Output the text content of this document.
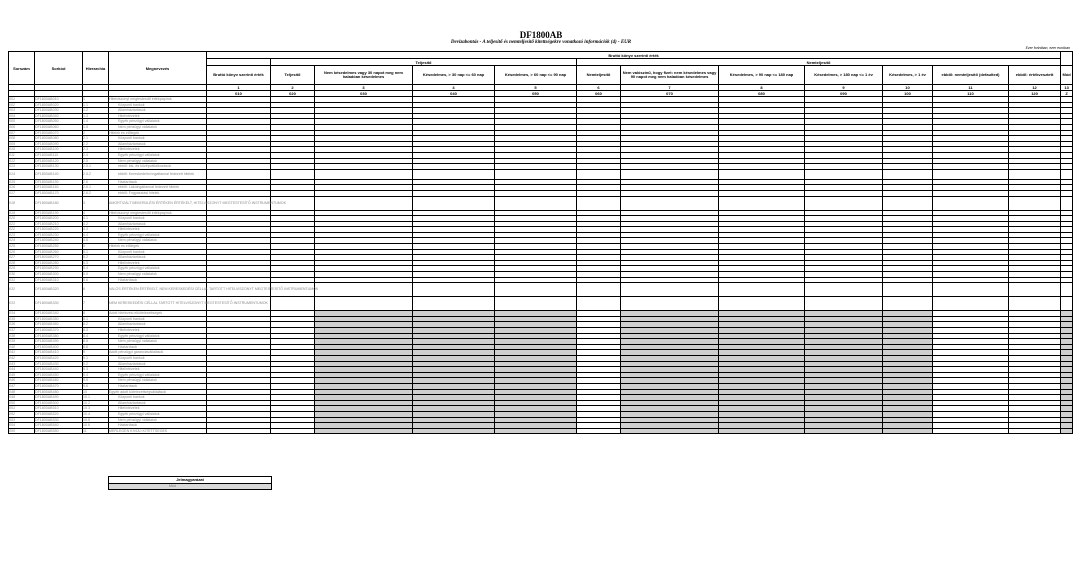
DF1800AB
Devizabontás - A teljesítő és nemteljesítő kitettségekre vonatkozó információk (4) - EUR
Ezer forintban, ezer euróban
Sorszám	Sorkód	Hierarchia	Megnevezés	Bruttó könyv szerinti érték												
					Teljesítő				Nemteljesítő							
				Bruttó könyv szerinti érték	Teljesítő	Nem késedelmes vagy 30 napot meg nem haladóan késedelmes	Késedelmes, > 30 nap <= 60 nap	Késedelmes, > 60 nap <= 90 nap	Nemteljesítő	Nem valószínű, hogy fizet: nem késedelmes vagy 90 napot meg nem haladóan késedelmes	Késedelmes, > 90 nap <= 180 nap	Késedelmes, > 180 nap <= 1 év	Késedelmes, > 1 év	ebből: nemteljesítő (defaulted)	ebből: értékvesztett	Mód
				1	2	3	4	5	6	7	8	9	10	11	12	13
				010	020	030	040	050	060	070	080	090	100	110	120	Z
001	DF1800AB010	1	Hitelviszonyt megtestesítő értékpapírok													
002	DF1800AB020	1.1	Központi bankok													
003	DF1800AB030	1.2	Államháztartások													
004	DF1800AB040	1.3	Hitelintézetek													
005	DF1800AB050	1.4	Egyéb pénzügyi vállalatok													
006	DF1800AB060	1.5	Nem pénzügyi vállalatok													
007	DF1800AB070	2	Hitelek és előlegek													
008	DF1800AB080	2.1	Központi bankok													
009	DF1800AB090	2.2	Államháztartások													
010	DF1800AB100	2.3	Hitelintézetek													
011	DF1800AB110	2.4	Egyéb pénzügyi vállalatok													
012	DF1800AB120	2.5	Nem pénzügyi vállalatok													
013	DF1800AB130	2.5.1	ebből: kis- és középvállalkozások													
014	DF1800AB140	2.5.2	ebből: Kereskedelmi ingatlannal fedezett hitelek													
015	DF1800AB150	2.6	Háztartások													
016	DF1800AB160	2.6.1	ebből: Lakóingatlannal fedezett hitelek													
017	DF1800AB170	2.6.2	ebből: Fogyasztási hitelek													
018	DF1800AB180	3	AMORTIZÁLT BEKERÜLÉSI ÉRTÉKEN ÉRTÉKELT, HITELVISZONYT MEGTESTESÍTŐ INSTRUMENTUMOK													
019	DF1800AB190	4	Hitelviszonyt megtestesítő értékpapírok													
020	DF1800AB200	4.1	Központi bankok													
021	DF1800AB210	4.2	Államháztartások													
022	DF1800AB220	4.3	Hitelintézetek													
023	DF1800AB230	4.4	Egyéb pénzügyi vállalatok													
024	DF1800AB240	4.5	Nem pénzügyi vállalatok													
025	DF1800AB250	5	Hitelek és előlegek													
026	DF1800AB260	5.1	Központi bankok													
027	DF1800AB270	5.2	Államháztartások													
028	DF1800AB280	5.3	Hitelintézetek													
029	DF1800AB290	5.4	Egyéb pénzügyi vállalatok													
030	DF1800AB300	5.5	Nem pénzügyi vállalatok													
031	DF1800AB310	5.6	Háztartások													
032	DF1800AB320	6	VALÓS ÉRTÉKEN ÉRTÉKELT, NEM KERESKEDÉSI CÉLLAL TARTOTT HITELVISZONYT MEGTESTESÍTŐ INSTRUMENTUMOK													
033	DF1800AB330	7	NEM KERESKEDÉSI CÉLLAL TARTOTT HITELVISZONYT MEGTESTESÍTŐ INSTRUMENTUMOK													
034	DF1800AB340	8	Adott hitelezési elkötelezettségek													
035	DF1800AB350	8.1	Központi bankok													
036	DF1800AB360	8.2	Államháztartások													
037	DF1800AB370	8.3	Hitelintézetek													
038	DF1800AB380	8.4	Egyéb pénzügyi vállalatok													
039	DF1800AB390	8.5	Nem pénzügyi vállalatok													
040	DF1800AB400	8.6	Háztartások													
041	DF1800AB410	9	Adott pénzügyi garanciavállalások													
042	DF1800AB420	9.1	Központi bankok													
043	DF1800AB430	9.2	Államháztartások													
044	DF1800AB440	9.3	Hitelintézetek													
045	DF1800AB450	9.4	Egyéb pénzügyi vállalatok													
046	DF1800AB460	9.5	Nem pénzügyi vállalatok													
047	DF1800AB470	9.6	Háztartások													
048	DF1800AB480	10	Egyéb adott kötelezettségvállalások													
049	DF1800AB490	10.1	Központi bankok													
050	DF1800AB500	10.2	Államháztartások													
051	DF1800AB510	10.3	Hitelintézetek													
052	DF1800AB520	10.4	Egyéb pénzügyi vállalatok													
053	DF1800AB530	10.5	Nem pénzügyi vállalatok													
054	DF1800AB540	10.6	Háztartások													
055	DF1800AB550	11	MÉRLEGEN KÍVÜLI KITETTSÉGEK													
Jelmagyarázat
Mód
